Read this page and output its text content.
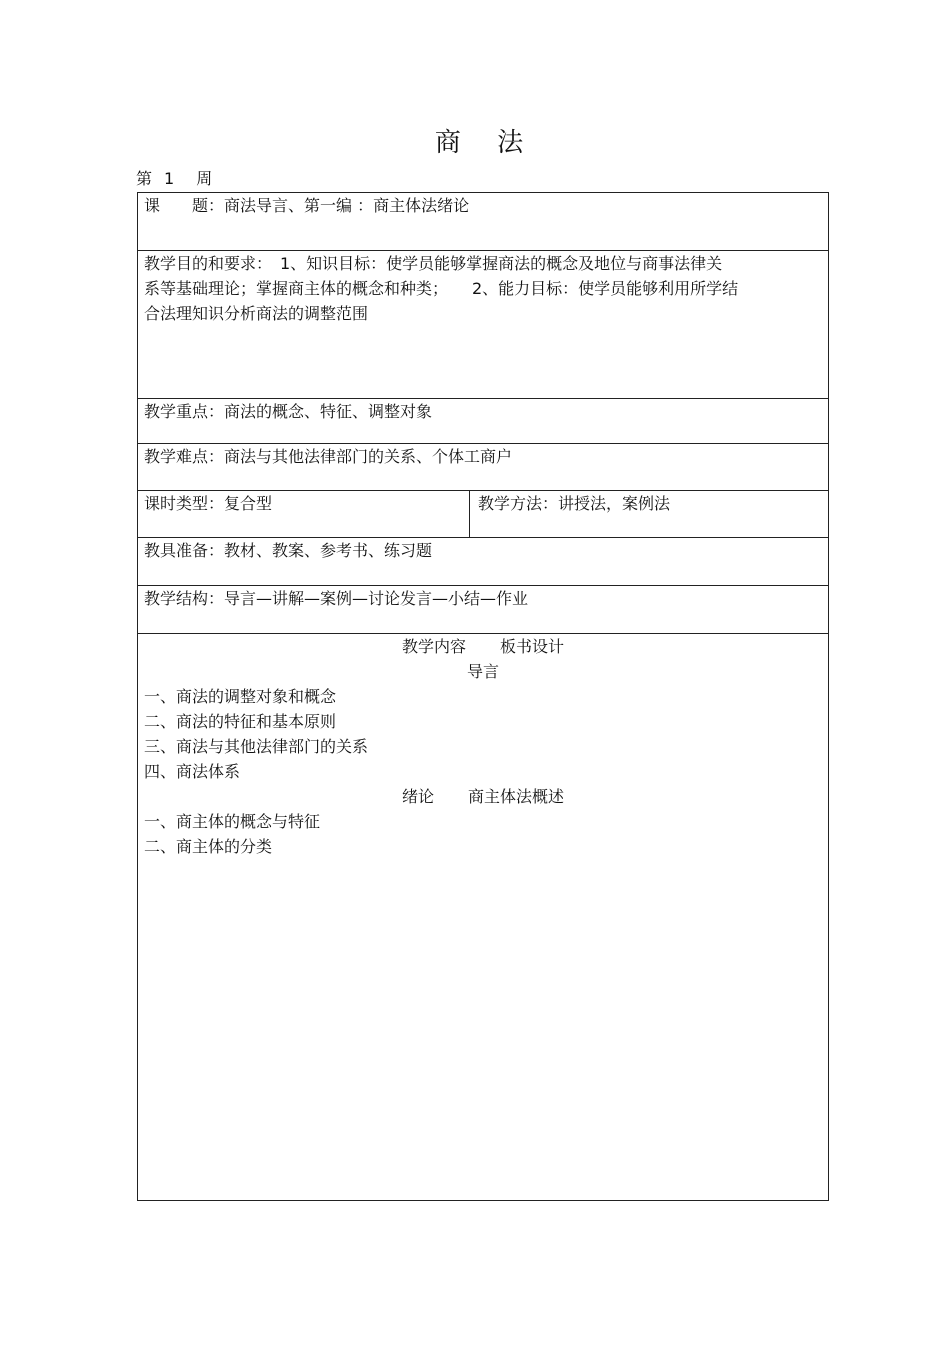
商 法
第 1 周
课　　题：商法导言、第一编 ：商主体法绪论
教学目的和要求：　1、知识目标：使学员能够掌握商法的概念及地位与商事法律关
系等基础理论；掌握商主体的概念和种类；　　2、能力目标：使学员能够利用所学结
合法理知识分析商法的调整范围
教学重点：商法的概念、特征、调整对象
教学难点：商法与其他法律部门的关系、个体工商户
课时类型：复合型	教学方法：讲授法，案例法
教具准备：教材、教案、参考书、练习题
教学结构：导言—讲解—案例—讨论发言—小结—作业
教学内容 板书设计
导言
一、商法的调整对象和概念
二、商法的特征和基本原则
三、商法与其他法律部门的关系
四、商法体系
绪论 商主体法概述
一、商主体的概念与特征
二、商主体的分类
